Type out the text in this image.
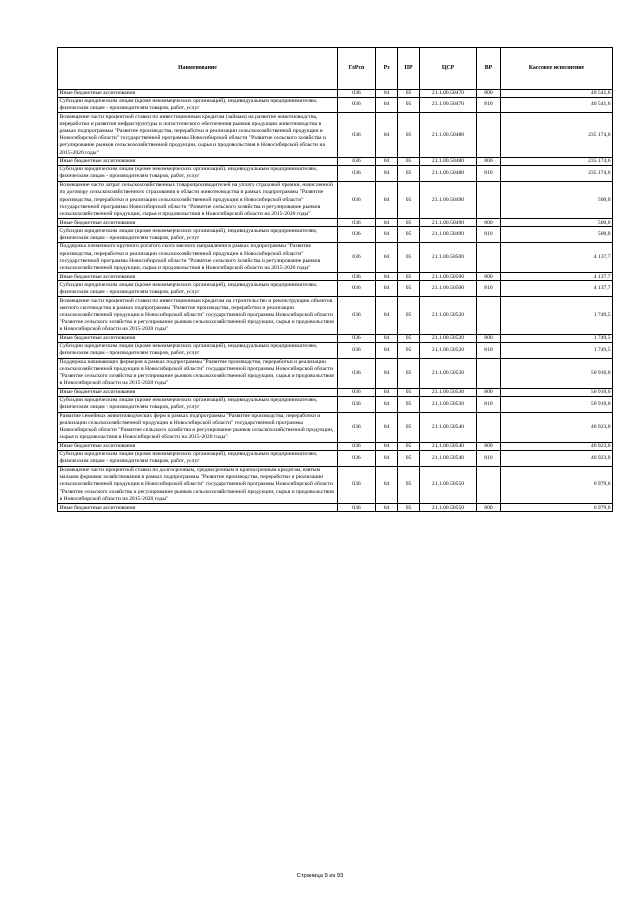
Наименование	ГлРсп	Рз	ПР	ЦСР	ВР	Кассовое исполнение
Иные бюджетные ассигнования	036	04	05	21.1.00.50470	800	40 541,6
Субсидии юридическим лицам (кроме некоммерческих организаций), индивидуальным предпринимателям, физическим лицам - производителям товаров, работ, услуг	036	04	05	21.1.00.50470	810	40 541,6
Возмещение части процентной ставки по инвестиционным кредитам (займам) на развитие животноводства, переработки и развития инфраструктуры и логистического обеспечения рынков продукции животноводства в рамках подпрограммы "Развитие производства, переработки и реализации сельскохозяйственной продукции в Новосибирской области" государственной программы Новосибирской области "Развитие сельского хозяйства и регулирование рынков сельскохозяйственной продукции, сырья и продовольствия в Новосибирской области на 2015-2020 годы"	036	04	05	21.1.00.50480		235 174,6
Иные бюджетные ассигнования	036	04	05	21.1.00.50480	800	235 174,6
Субсидии юридическим лицам (кроме некоммерческих организаций), индивидуальным предпринимателям, физическим лицам - производителям товаров, работ, услуг	036	04	05	21.1.00.50480	810	235 174,6
Возмещение части затрат сельскохозяйственных товаропроизводителей на уплату страховой премии, начисленной по договору сельскохозяйственного страхования в области животноводства в рамках подпрограммы "Развитие производства, переработки и реализации сельскохозяйственной продукции в Новосибирской области" государственной программы Новосибирской области "Развитие сельского хозяйства и регулирование рынков сельскохозяйственной продукции, сырья и продовольствия в Новосибирской области на 2015-2020 годы"	036	04	05	21.1.00.50490		500,0
Иные бюджетные ассигнования	036	04	05	21.1.00.50490	800	500,0
Субсидии юридическим лицам (кроме некоммерческих организаций), индивидуальным предпринимателям, физическим лицам - производителям товаров, работ, услуг	036	04	05	21.1.00.50490	810	500,0
Поддержка племенного крупного рогатого скота мясного направления в рамках подпрограммы "Развитие производства, переработки и реализации сельскохозяйственной продукции в Новосибирской области" государственной программы Новосибирской области "Развитие сельского хозяйства и регулирование рынков сельскохозяйственной продукции, сырья и продовольствия в Новосибирской области на 2015-2020 годы"	036	04	05	21.1.00.50500		4 137,7
Иные бюджетные ассигнования	036	04	05	21.1.00.50500	800	4 137,7
Субсидии юридическим лицам (кроме некоммерческих организаций), индивидуальным предпринимателям, физическим лицам - производителям товаров, работ, услуг	036	04	05	21.1.00.50500	810	4 137,7
Возмещение части процентной ставки по инвестиционным кредитам на строительство и реконструкцию объектов мясного скотоводства в рамках подпрограммы "Развитие производства, переработки и реализации сельскохозяйственной продукции в Новосибирской области" государственной программы Новосибирской области "Развитие сельского хозяйства и регулирование рынков сельскохозяйственной продукции, сырья и продовольствия в Новосибирской области на 2015-2020 годы"	036	04	05	21.1.00.50520		1 749,5
Иные бюджетные ассигнования	036	04	05	21.1.00.50520	800	1 749,5
Субсидии юридическим лицам (кроме некоммерческих организаций), индивидуальным предпринимателям, физическим лицам - производителям товаров, работ, услуг	036	04	05	21.1.00.50520	810	1 749,5
Поддержка начинающих фермеров в рамках подпрограммы "Развитие производства, переработки и реализации сельскохозяйственной продукции в Новосибирской области" государственной программы Новосибирской области "Развитие сельского хозяйства и регулирование рынков сельскохозяйственной продукции, сырья и продовольствия в Новосибирской области на 2015-2020 годы"	036	04	05	21.1.00.50530		50 910,0
Иные бюджетные ассигнования	036	04	05	21.1.00.50530	800	50 910,0
Субсидии юридическим лицам (кроме некоммерческих организаций), индивидуальным предпринимателям, физическим лицам - производителям товаров, работ, услуг	036	04	05	21.1.00.50530	810	50 910,0
Развитие семейных животноводческих ферм в рамках подпрограммы "Развитие производства, переработки и реализации сельскохозяйственной продукции в Новосибирской области" государственной программы Новосибирской области "Развитие сельского хозяйства и регулирование рынков сельскохозяйственной продукции, сырья и продовольствия в Новосибирской области на 2015-2020 годы"	036	04	05	21.1.00.50540		46 923,0
Иные бюджетные ассигнования	036	04	05	21.1.00.50540	800	46 923,0
Субсидии юридическим лицам (кроме некоммерческих организаций), индивидуальным предпринимателям, физическим лицам - производителям товаров, работ, услуг	036	04	05	21.1.00.50540	810	46 923,0
Возмещение части процентной ставки по долгосрочным, среднесрочным и краткосрочным кредитам, взятым малыми формами хозяйствования в рамках подпрограммы "Развитие производства, переработки и реализации сельскохозяйственной продукции в Новосибирской области" государственной программы Новосибирской области "Развитие сельского хозяйства и регулирование рынков сельскохозяйственной продукции, сырья и продовольствия в Новосибирской области на 2015-2020 годы"	036	04	05	21.1.00.50550		6 979,6
Иные бюджетные ассигнования	036	04	05	21.1.00.50550	800	6 979,6
Страница 9 из 93
